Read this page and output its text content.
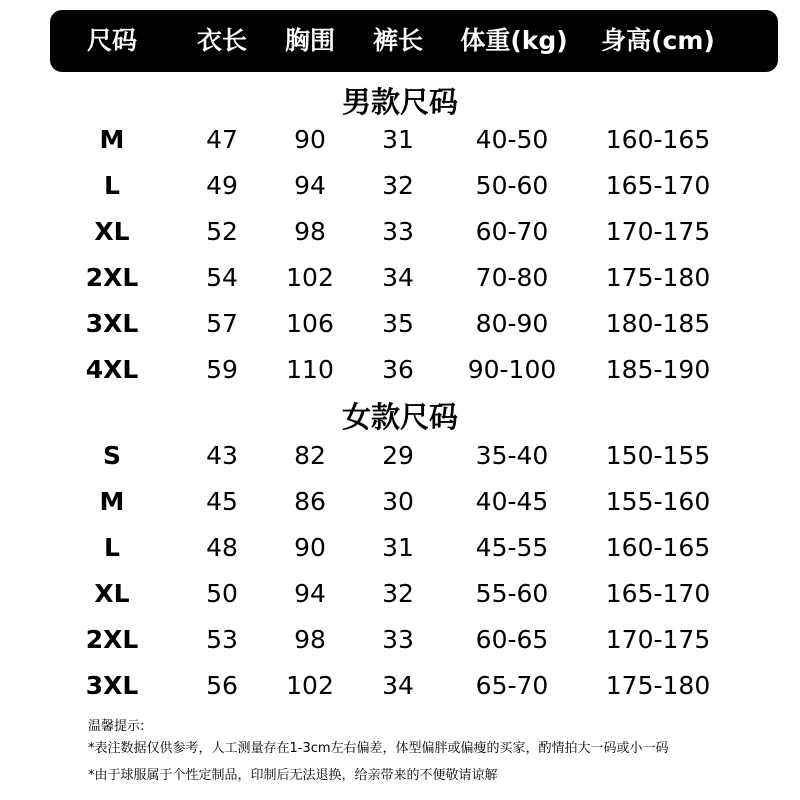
尺码 衣长 胸围 裤长 体重(kg) 身高(cm)
男款尺码
M	47 90 31 40-50 160-165
L	49 94 32 50-60 165-170
XL	52 98 33 60-70 170-175
2XL	54 102 34 70-80 175-180
3XL	57 106 35 80-90 180-185
4XL	59 110 36 90-100 185-190
女款尺码
S	43 82 29 35-40 150-155
M	45 86 30 40-45 155-160
L	48 90 31 45-55 160-165
XL	50 94 32 55-60 165-170
2XL	53 98 33 60-65 170-175
3XL	56 102 34 65-70 175-180
温馨提示:
*表注数据仅供参考，人工测量存在1-3cm左右偏差，体型偏胖或偏瘦的买家，酌情拍大一码或小一码
*由于球服属于个性定制品，印制后无法退换，给亲带来的不便敬请谅解
